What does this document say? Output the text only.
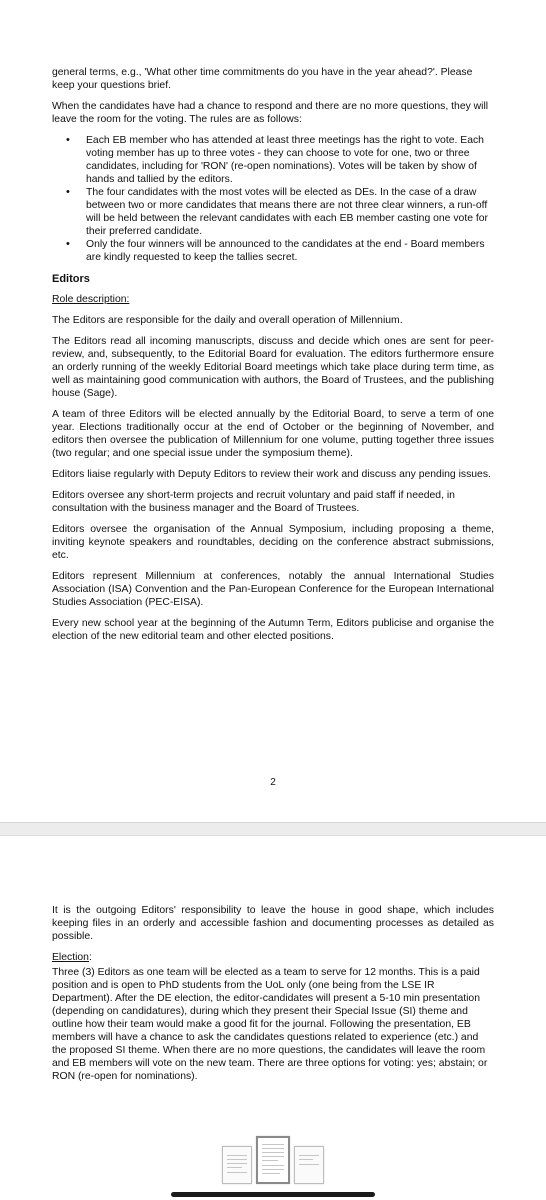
general terms, e.g., 'What other time commitments do you have in the year ahead?'. Please keep your questions brief.

When the candidates have had a chance to respond and there are no more questions, they will leave the room for the voting. The rules are as follows:

• Each EB member who has attended at least three meetings has the right to vote. Each voting member has up to three votes - they can choose to vote for one, two or three candidates, including for 'RON' (re-open nominations). Votes will be taken by show of hands and tallied by the editors.
• The four candidates with the most votes will be elected as DEs. In the case of a draw between two or more candidates that means there are not three clear winners, a run-off will be held between the relevant candidates with each EB member casting one vote for their preferred candidate.
• Only the four winners will be announced to the candidates at the end - Board members are kindly requested to keep the tallies secret.
Editors

Role description:

The Editors are responsible for the daily and overall operation of Millennium.

The Editors read all incoming manuscripts, discuss and decide which ones are sent for peer-review, and, subsequently, to the Editorial Board for evaluation. The editors furthermore ensure an orderly running of the weekly Editorial Board meetings which take place during term time, as well as maintaining good communication with authors, the Board of Trustees, and the publishing house (Sage).

A team of three Editors will be elected annually by the Editorial Board, to serve a term of one year. Elections traditionally occur at the end of October or the beginning of November, and editors then oversee the publication of Millennium for one volume, putting together three issues (two regular; and one special issue under the symposium theme).

Editors liaise regularly with Deputy Editors to review their work and discuss any pending issues.

Editors oversee any short-term projects and recruit voluntary and paid staff if needed, in consultation with the business manager and the Board of Trustees.

Editors oversee the organisation of the Annual Symposium, including proposing a theme, inviting keynote speakers and roundtables, deciding on the conference abstract submissions, etc.

Editors represent Millennium at conferences, notably the annual International Studies Association (ISA) Convention and the Pan-European Conference for the European International Studies Association (PEC-EISA).

Every new school year at the beginning of the Autumn Term, Editors publicise and organise the election of the new editorial team and other elected positions.

2

It is the outgoing Editors' responsibility to leave the house in good shape, which includes keeping files in an orderly and accessible fashion and documenting processes as detailed as possible.

Election:

Three (3) Editors as one team will be elected as a team to serve for 12 months. This is a paid position and is open to PhD students from the UoL only (one being from the LSE IR Department). After the DE election, the editor-candidates will present a 5-10 min presentation (depending on candidatures), during which they present their Special Issue (SI) theme and outline how their team would make a good fit for the journal. Following the presentation, EB members will have a chance to ask the candidates questions related to experience (etc.) and the proposed SI theme. When there are no more questions, the candidates will leave the room and EB members will vote on the new team. There are three options for voting: yes; abstain; or RON (re-open for nominations).
